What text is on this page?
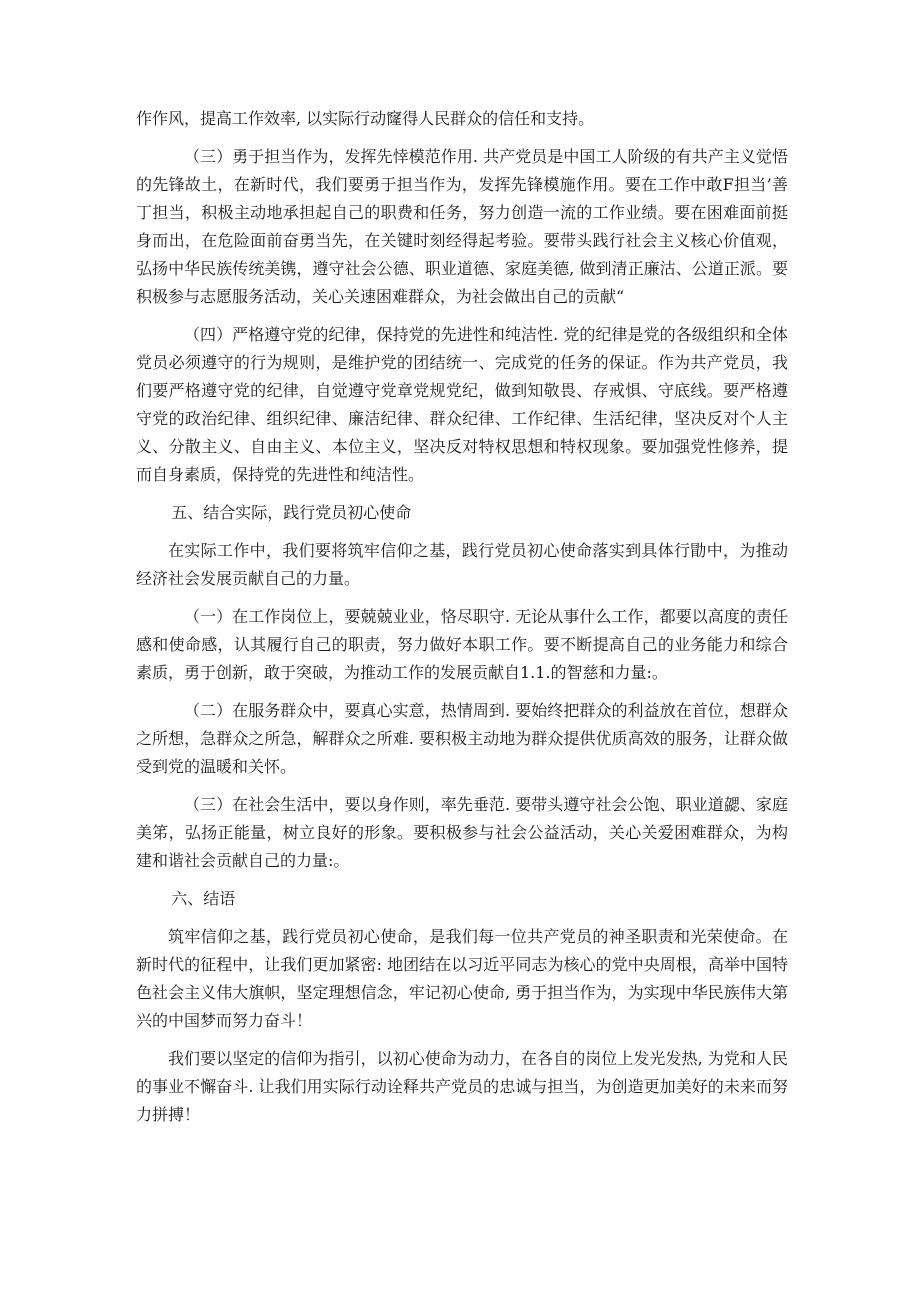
作作风，提高工作效率, 以实际行动窿得人民群众的信任和支持。

（三）勇于担当作为，发挥先悻模范作用. 共产党员是中国工人阶级的有共产主义觉悟的先锋故土，在新时代，我们要勇于担当作为，发挥先锋模施作用。要在工作中敢F担当’善丁担当，积极主动地承担起自己的职费和任务，努力创造一流的工作业绩。要在困难面前挺身而出，在危险面前奋勇当先，在关键时刻经得起考验。要带头践行社会主义核心价值观，弘扬中华民族传统美镌，遵守社会公德、职业道德、家庭美德, 做到清正廉沽、公道正派。要积极参与志愿服务活动，关心关速困难群众，为社会做出自己的贡献“

（四）严格遵守党的纪律，保持党的先进性和纯洁性. 党的纪律是党的各级组织和全体党员必须遵守的行为规则，是维护党的团结统一、完成党的任务的保证。作为共产党员，我们要严格遵守党的纪律，自觉遵守党章党规党纪，做到知敬畏、存戒惧、守底线。要严格遵守党的政治纪律、组织纪律、廉洁纪律、群众纪律、工作纪律、生活纪律，坚决反对个人主义、分散主义、自由主义、本位主义，坚决反对特权思想和特权现象。要加强党性修养，提而自身素质，保持党的先进性和纯洁性。

五、结合实际，践行党员初心使命

在实际工作中，我们要将筑牢信仰之基，践行党员初心使命落实到具体行勖中，为推动经济社会发展贡献自己的力量。

（一）在工作岗位上，要兢兢业业，恪尽职守. 无论从事什么工作，都要以高度的责任感和使命感，认其履行自己的职责，努力做好本职工作。要不断提高自己的业务能力和综合素质，勇于创新，敢于突破，为推动工作的发展贡献自1.1.的智慈和力量:。

（二）在服务群众中，要真心实意，热情周到. 要始终把群众的利益放在首位，想群众之所想，急群众之所急，解群众之所难. 要积极主动地为群众提供优质高效的服务，让群众做受到党的温暖和关怀。

（三）在社会生活中，要以身作则，率先垂范. 要带头遵守社会公饱、职业道勰、家庭美笫，弘扬正能量，树立良好的形象。要积极参与社会公益活动，关心关爱困难群众，为构建和谐社会贡献自己的力量:。

六、结语

筑牢信仰之基，践行党员初心使命，是我们每一位共产党员的神圣职责和光荣使命。在新时代的征程中，让我们更加紧密: 地团结在以习近平同志为核心的党中央周根，高举中国特色社会主义伟大旗帜，坚定理想信念，牢记初心使命, 勇于担当作为，为实现中华民族伟大第兴的中国梦而努力奋斗！

我们要以坚定的信仰为指引，以初心使命为动力，在各自的岗位上发光发热, 为党和人民的事业不懈奋斗. 让我们用实际行动诠释共产党员的忠诚与担当，为创造更加美好的未来而努力拼搏！
